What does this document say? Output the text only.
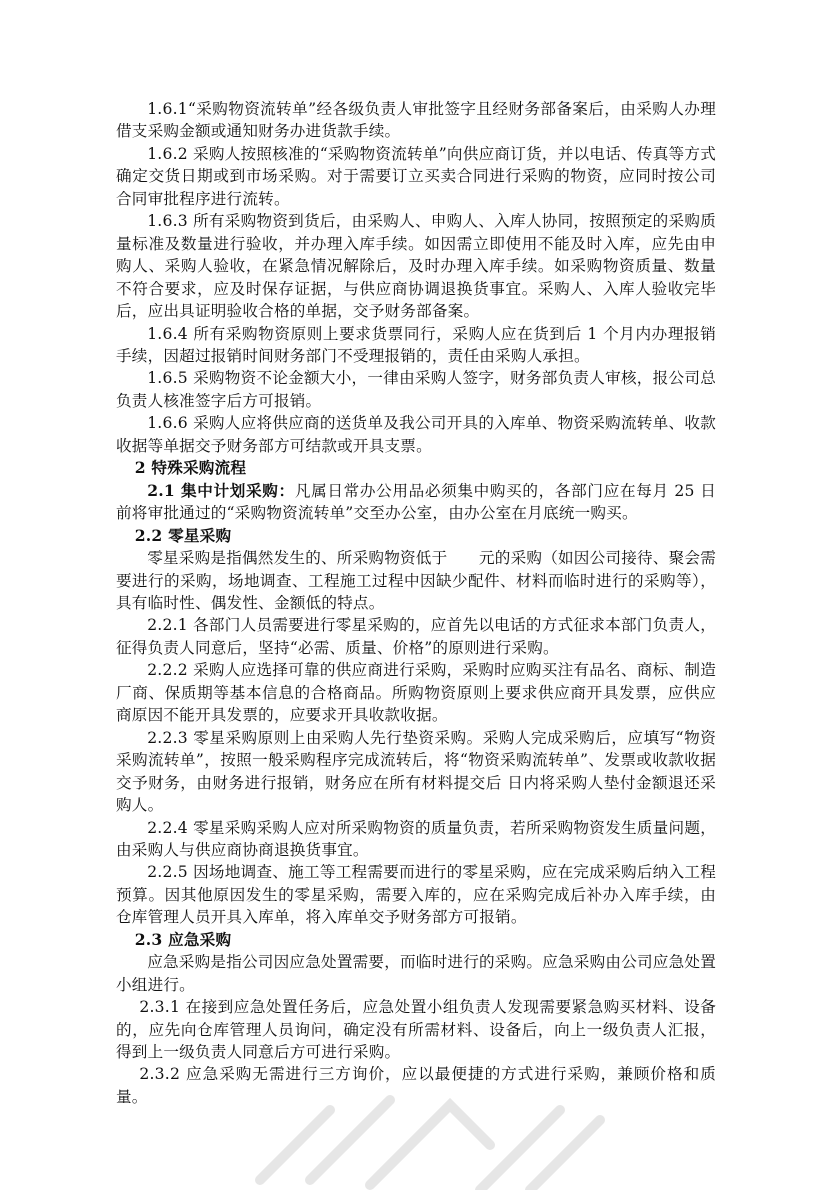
1.6.1“采购物资流转单”经各级负责人审批签字且经财务部备案后，由采购人办理借支采购金额或通知财务办进货款手续。

1.6.2 采购人按照核准的“采购物资流转单”向供应商订货，并以电话、传真等方式确定交货日期或到市场采购。对于需要订立买卖合同进行采购的物资，应同时按公司合同审批程序进行流转。

1.6.3 所有采购物资到货后，由采购人、申购人、入库人协同，按照预定的采购质量标准及数量进行验收，并办理入库手续。如因需立即使用不能及时入库，应先由申购人、采购人验收，在紧急情况解除后，及时办理入库手续。如采购物资质量、数量不符合要求，应及时保存证据，与供应商协调退换货事宜。采购人、入库人验收完毕后，应出具证明验收合格的单据，交予财务部备案。

1.6.4 所有采购物资原则上要求货票同行，采购人应在货到后 1 个月内办理报销手续，因超过报销时间财务部门不受理报销的，责任由采购人承担。

1.6.5 采购物资不论金额大小，一律由采购人签字，财务部负责人审核，报公司总负责人核准签字后方可报销。

1.6.6 采购人应将供应商的送货单及我公司开具的入库单、物资采购流转单、收款收据等单据交予财务部方可结款或开具支票。

2 特殊采购流程

2.1 集中计划采购：凡属日常办公用品必须集中购买的，各部门应在每月 25 日前将审批通过的“采购物资流转单”交至办公室，由办公室在月底统一购买。

2.2 零星采购

零星采购是指偶然发生的、所采购物资低于　　元的采购（如因公司接待、聚会需要进行的采购，场地调查、工程施工过程中因缺少配件、材料而临时进行的采购等），具有临时性、偶发性、金额低的特点。

2.2.1 各部门人员需要进行零星采购的，应首先以电话的方式征求本部门负责人，征得负责人同意后，坚持“必需、质量、价格”的原则进行采购。

2.2.2 采购人应选择可靠的供应商进行采购，采购时应购买注有品名、商标、制造厂商、保质期等基本信息的合格商品。所购物资原则上要求供应商开具发票，应供应商原因不能开具发票的，应要求开具收款收据。

2.2.3 零星采购原则上由采购人先行垫资采购。采购人完成采购后，应填写“物资采购流转单”，按照一般采购程序完成流转后，将“物资采购流转单”、发票或收款收据交予财务，由财务进行报销，财务应在所有材料提交后 日内将采购人垫付金额退还采购人。

2.2.4 零星采购采购人应对所采购物资的质量负责，若所采购物资发生质量问题，由采购人与供应商协商退换货事宜。

2.2.5 因场地调查、施工等工程需要而进行的零星采购，应在完成采购后纳入工程预算。因其他原因发生的零星采购，需要入库的，应在采购完成后补办入库手续，由仓库管理人员开具入库单，将入库单交予财务部方可报销。

2.3 应急采购

应急采购是指公司因应急处置需要，而临时进行的采购。应急采购由公司应急处置小组进行。

2.3.1 在接到应急处置任务后，应急处置小组负责人发现需要紧急购买材料、设备的，应先向仓库管理人员询问，确定没有所需材料、设备后，向上一级负责人汇报，得到上一级负责人同意后方可进行采购。

2.3.2 应急采购无需进行三方询价，应以最便捷的方式进行采购，兼顾价格和质量。
